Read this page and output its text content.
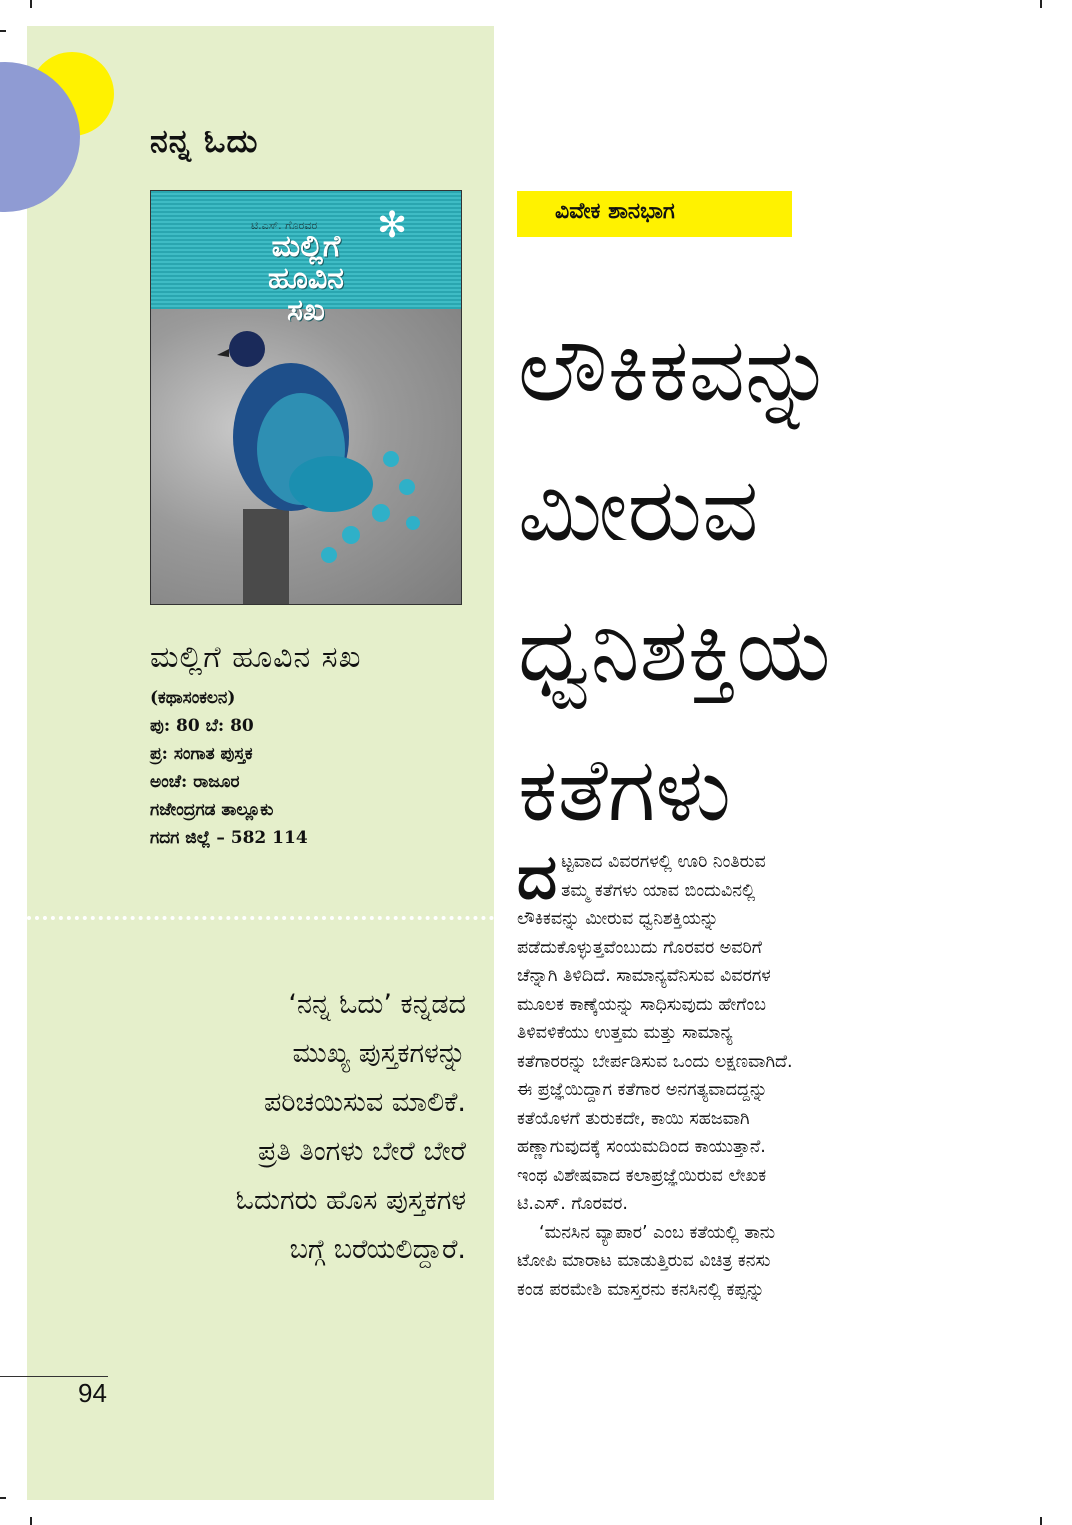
ನನ್ನ ಓದು
ಟಿ.ಎಸ್. ಗೊರವರ ✻
ಮಲ್ಲಿಗೆ
ಹೂವಿನ
ಸಖ
ಮಲ್ಲಿಗೆ ಹೂವಿನ ಸಖ
(ಕಥಾಸಂಕಲನ)
ಪು: 80 ಬೆ: 80
ಪ್ರ: ಸಂಗಾತ ಪುಸ್ತಕ
ಅಂಚೆ: ರಾಜೂರ
ಗಜೇಂದ್ರಗಡ ತಾಲ್ಲೂಕು
ಗದಗ ಜಿಲ್ಲೆ – 582 114
‘ನನ್ನ ಓದು’ ಕನ್ನಡದ
ಮುಖ್ಯ ಪುಸ್ತಕಗಳನ್ನು
ಪರಿಚಯಿಸುವ ಮಾಲಿಕೆ.
ಪ್ರತಿ ತಿಂಗಳು ಬೇರೆ ಬೇರೆ
ಓದುಗರು ಹೊಸ ಪುಸ್ತಕಗಳ
ಬಗ್ಗೆ ಬರೆಯಲಿದ್ದಾರೆ.
94
ವಿವೇಕ ಶಾನಭಾಗ
ಲೌಕಿಕವನ್ನು
ಮೀರುವ
ಧ್ವನಿಶಕ್ತಿಯ
ಕತೆಗಳು
ದ ಟ್ಟವಾದ ವಿವರಗಳಲ್ಲಿ ಊರಿ ನಿಂತಿರುವ
ತಮ್ಮ ಕತೆಗಳು ಯಾವ ಬಿಂದುವಿನಲ್ಲಿ
ಲೌಕಿಕವನ್ನು ಮೀರುವ ಧ್ವನಿಶಕ್ತಿಯನ್ನು
ಪಡೆದುಕೊಳ್ಳುತ್ತವೆಂಬುದು ಗೊರವರ ಅವರಿಗೆ
ಚೆನ್ನಾಗಿ ತಿಳಿದಿದೆ. ಸಾಮಾನ್ಯವೆನಿಸುವ ವಿವರಗಳ
ಮೂಲಕ ಕಾಣ್ಕೆಯನ್ನು ಸಾಧಿಸುವುದು ಹೇಗೆಂಬ
ತಿಳಿವಳಿಕೆಯು ಉತ್ತಮ ಮತ್ತು ಸಾಮಾನ್ಯ
ಕತೆಗಾರರನ್ನು ಬೇರ್ಪಡಿಸುವ ಒಂದು ಲಕ್ಷಣವಾಗಿದೆ.
ಈ ಪ್ರಜ್ಞೆಯಿದ್ದಾಗ ಕತೆಗಾರ ಅನಗತ್ಯವಾದದ್ದನ್ನು
ಕತೆಯೊಳಗೆ ತುರುಕದೇ, ಕಾಯಿ ಸಹಜವಾಗಿ
ಹಣ್ಣಾಗುವುದಕ್ಕೆ ಸಂಯಮದಿಂದ ಕಾಯುತ್ತಾನೆ.
ಇಂಥ ವಿಶೇಷವಾದ ಕಲಾಪ್ರಜ್ಞೆಯಿರುವ ಲೇಖಕ
ಟಿ.ಎಸ್. ಗೊರವರ.

‘ಮನಸಿನ ವ್ಯಾಪಾರ’ ಎಂಬ ಕತೆಯಲ್ಲಿ ತಾನು
ಟೋಪಿ ಮಾರಾಟ ಮಾಡುತ್ತಿರುವ ವಿಚಿತ್ರ ಕನಸು
ಕಂಡ ಪರಮೇಶಿ ಮಾಸ್ತರನು ಕನಸಿನಲ್ಲಿ ಕಪ್ಪನ್ನು
